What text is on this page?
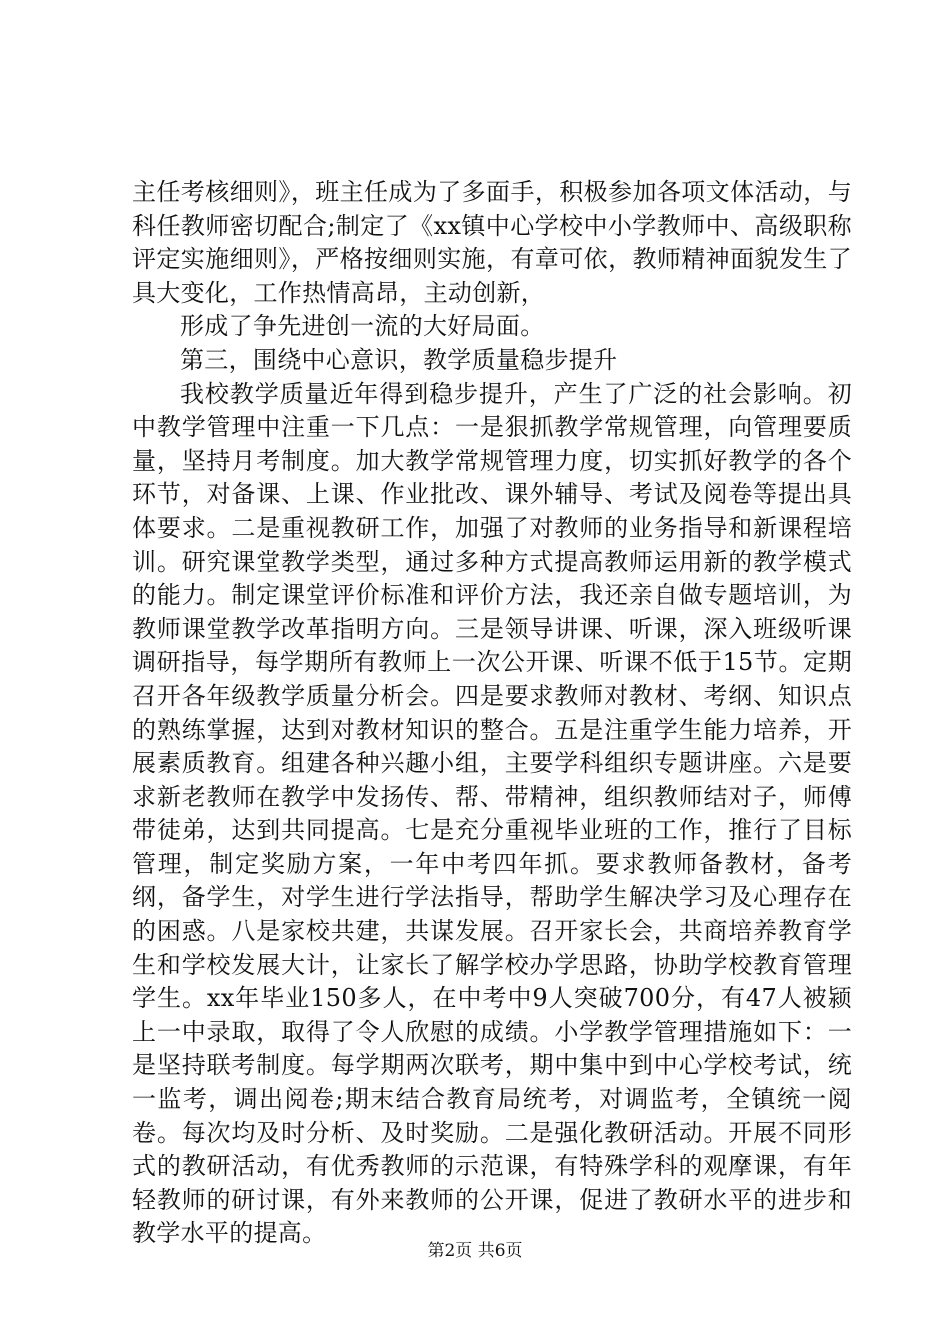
主任考核细则》，班主任成为了多面手，积极参加各项文体活动，与科任教师密切配合;制定了《xx镇中心学校中小学教师中、高级职称评定实施细则》，严格按细则实施，有章可依，教师精神面貌发生了具大变化，工作热情高昂，主动创新，

形成了争先进创一流的大好局面。

第三，围绕中心意识，教学质量稳步提升

我校教学质量近年得到稳步提升，产生了广泛的社会影响。初中教学管理中注重一下几点：一是狠抓教学常规管理，向管理要质量，坚持月考制度。加大教学常规管理力度，切实抓好教学的各个环节，对备课、上课、作业批改、课外辅导、考试及阅卷等提出具体要求。二是重视教研工作，加强了对教师的业务指导和新课程培训。研究课堂教学类型，通过多种方式提高教师运用新的教学模式的能力。制定课堂评价标准和评价方法，我还亲自做专题培训，为教师课堂教学改革指明方向。三是领导讲课、听课，深入班级听课调研指导，每学期所有教师上一次公开课、听课不低于15节。定期召开各年级教学质量分析会。四是要求教师对教材、考纲、知识点的熟练掌握，达到对教材知识的整合。五是注重学生能力培养，开展素质教育。组建各种兴趣小组，主要学科组织专题讲座。六是要求新老教师在教学中发扬传、帮、带精神，组织教师结对子，师傅带徒弟，达到共同提高。七是充分重视毕业班的工作，推行了目标管理，制定奖励方案，一年中考四年抓。要求教师备教材，备考纲，备学生，对学生进行学法指导，帮助学生解决学习及心理存在的困惑。八是家校共建，共谋发展。召开家长会，共商培养教育学生和学校发展大计，让家长了解学校办学思路，协助学校教育管理学生。xx年毕业150多人，在中考中9人突破700分，有47人被颍上一中录取，取得了令人欣慰的成绩。小学教学管理措施如下：一是坚持联考制度。每学期两次联考，期中集中到中心学校考试，统一监考，调出阅卷;期末结合教育局统考，对调监考，全镇统一阅卷。每次均及时分析、及时奖励。二是强化教研活动。开展不同形式的教研活动，有优秀教师的示范课，有特殊学科的观摩课，有年轻教师的研讨课，有外来教师的公开课，促进了教研水平的进步和教学水平的提高。

第2页 共6页
